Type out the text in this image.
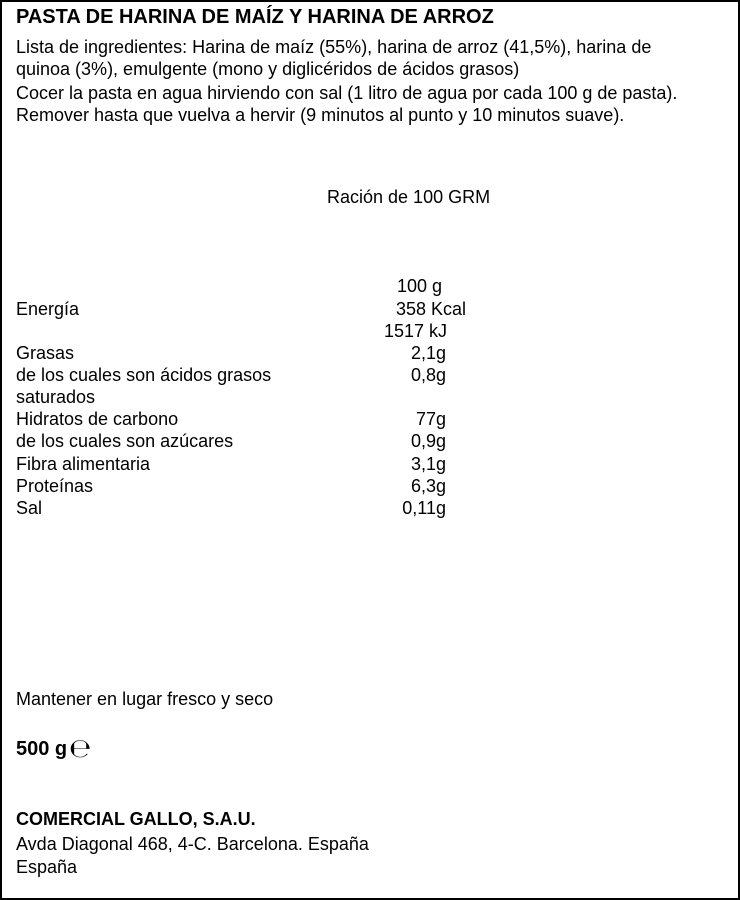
PASTA DE HARINA DE MAÍZ Y HARINA DE ARROZ
Lista de ingredientes: Harina de maíz (55%), harina de arroz (41,5%), harina de
quinoa (3%), emulgente (mono y diglicéridos de ácidos grasos)
Cocer la pasta en agua hirviendo con sal (1 litro de agua por cada 100 g de pasta).
Remover hasta que vuelva a hervir (9 minutos al punto y 10 minutos suave).
Ración de 100 GRM
100 g
Energía	358 Kcal
1517 kJ
Grasas	2,1g
de los cuales son ácidos grasos	0,8g
saturados
Hidratos de carbono	77g
de los cuales son azúcares	0,9g
Fibra alimentaria	3,1g
Proteínas	6,3g
Sal	0,11g
Mantener en lugar fresco y seco
500 g ℮
COMERCIAL GALLO, S.A.U.
Avda Diagonal 468, 4-C. Barcelona. España
España
